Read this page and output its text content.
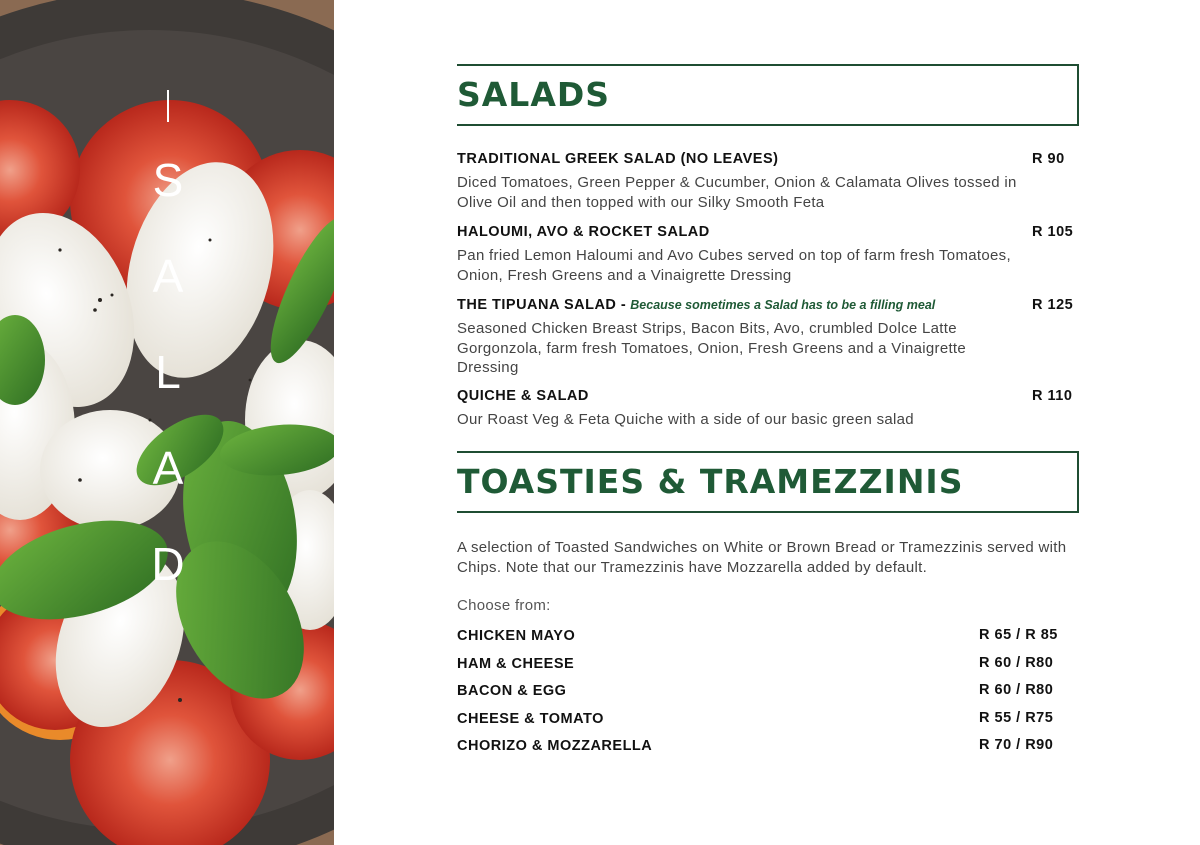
S
A
L
A
D
SALADS
TRADITIONAL GREEK SALAD (NO LEAVES)	R 90
Diced Tomatoes, Green Pepper & Cucumber, Onion & Calamata Olives tossed in Olive Oil and then topped with our Silky Smooth Feta
HALOUMI, AVO & ROCKET SALAD	R 105
Pan fried Lemon Haloumi and Avo Cubes served on top of farm fresh Tomatoes, Onion, Fresh Greens and a Vinaigrette Dressing
THE TIPUANA SALAD - Because sometimes a Salad has to be a filling meal	R 125
Seasoned Chicken Breast Strips, Bacon Bits, Avo, crumbled Dolce Latte Gorgonzola, farm fresh Tomatoes, Onion, Fresh Greens and a Vinaigrette Dressing
QUICHE & SALAD	R 110
Our Roast Veg & Feta Quiche with a side of our basic green salad
TOASTIES & TRAMEZZINIS
A selection of Toasted Sandwiches on White or Brown Bread or Tramezzinis served with Chips. Note that our Tramezzinis have Mozzarella added by default.
Choose from:
CHICKEN MAYO	R 65 / R 85
HAM & CHEESE	R 60 / R80
BACON & EGG	R 60 / R80
CHEESE & TOMATO	R 55 / R75
CHORIZO & MOZZARELLA	R 70 / R90
